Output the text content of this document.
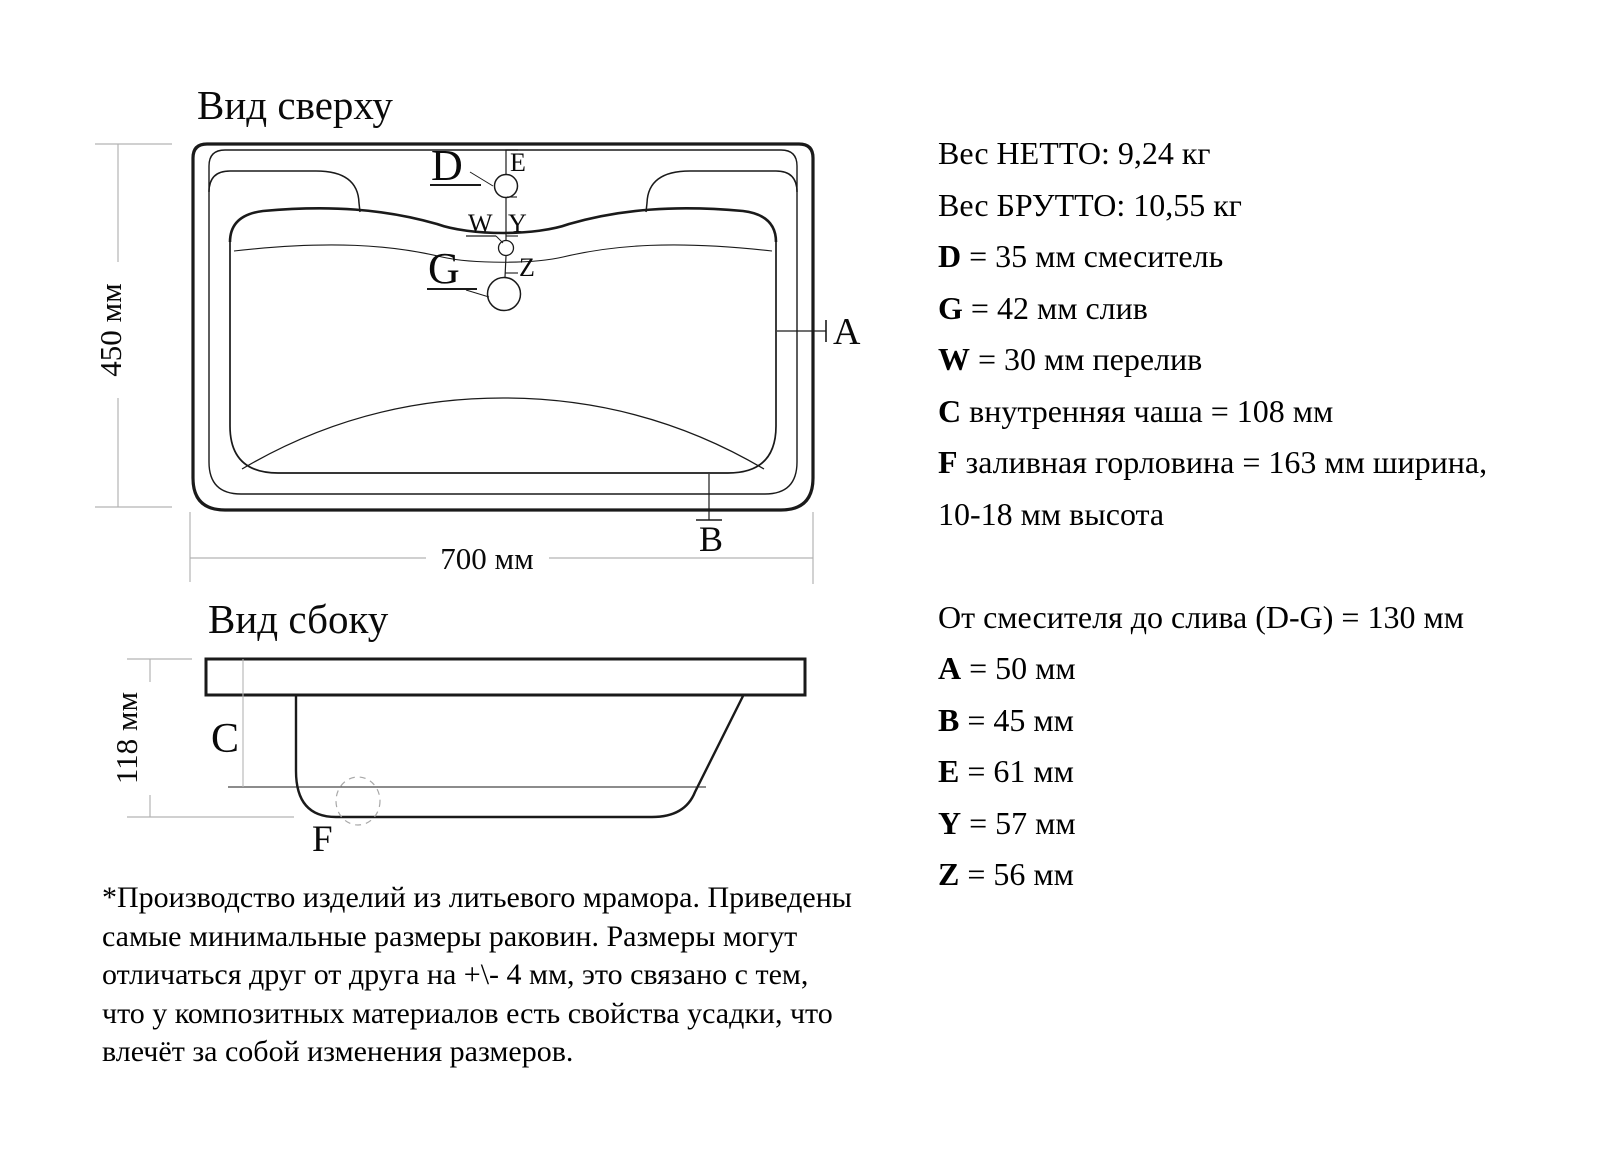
Вид сверху
D E
W Y
Z
G
A
B
450 мм
700 мм
Вид сбоку
C
F
118 мм
Вес НЕТТО: 9,24 кг
Вес БРУТТО: 10,55 кг
D = 35 мм смеситель
G = 42 мм слив
W = 30 мм перелив
C внутренняя чаша = 108 мм
F заливная горловина = 163 мм ширина,
10-18 мм высота

От смесителя до слива (D-G) = 130 мм
A = 50 мм
B = 45 мм
E = 61 мм
Y = 57 мм
Z = 56 мм
*Производство изделий из литьевого мрамора. Приведены
самые минимальные размеры раковин. Размеры могут
отличаться друг от друга на +\- 4 мм, это связано с тем,
что у композитных материалов есть свойства усадки, что
влечёт за собой изменения размеров.
